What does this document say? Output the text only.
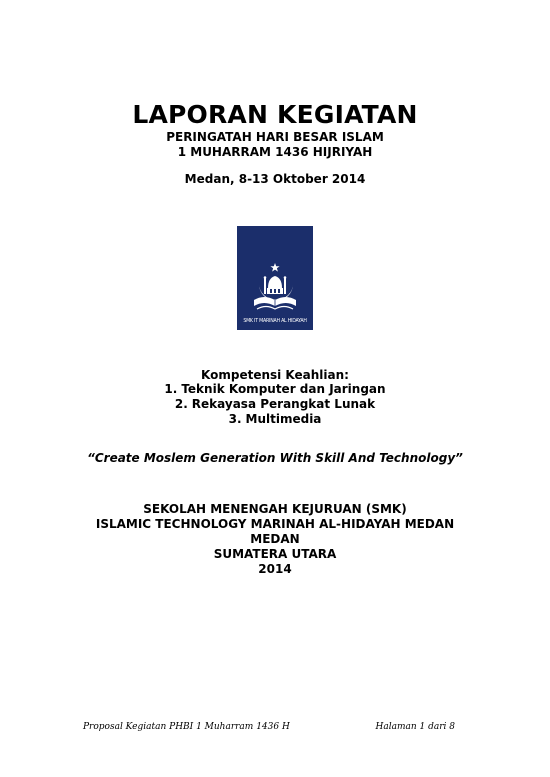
LAPORAN KEGIATAN
PERINGATAH HARI BESAR ISLAM
1 MUHARRAM 1436 HIJRIYAH
Medan, 8-13 Oktober 2014
SMK IT MARINAH AL HIDAYAH
Kompetensi Keahlian:
1. Teknik Komputer dan Jaringan
2. Rekayasa Perangkat Lunak
3. Multimedia
“Create Moslem Generation With Skill And Technology”
SEKOLAH MENENGAH KEJURUAN (SMK)
ISLAMIC TECHNOLOGY MARINAH AL-HIDAYAH MEDAN
MEDAN
SUMATERA UTARA
2014
Proposal Kegiatan PHBI 1 Muharram 1436 H	Halaman 1 dari 8
